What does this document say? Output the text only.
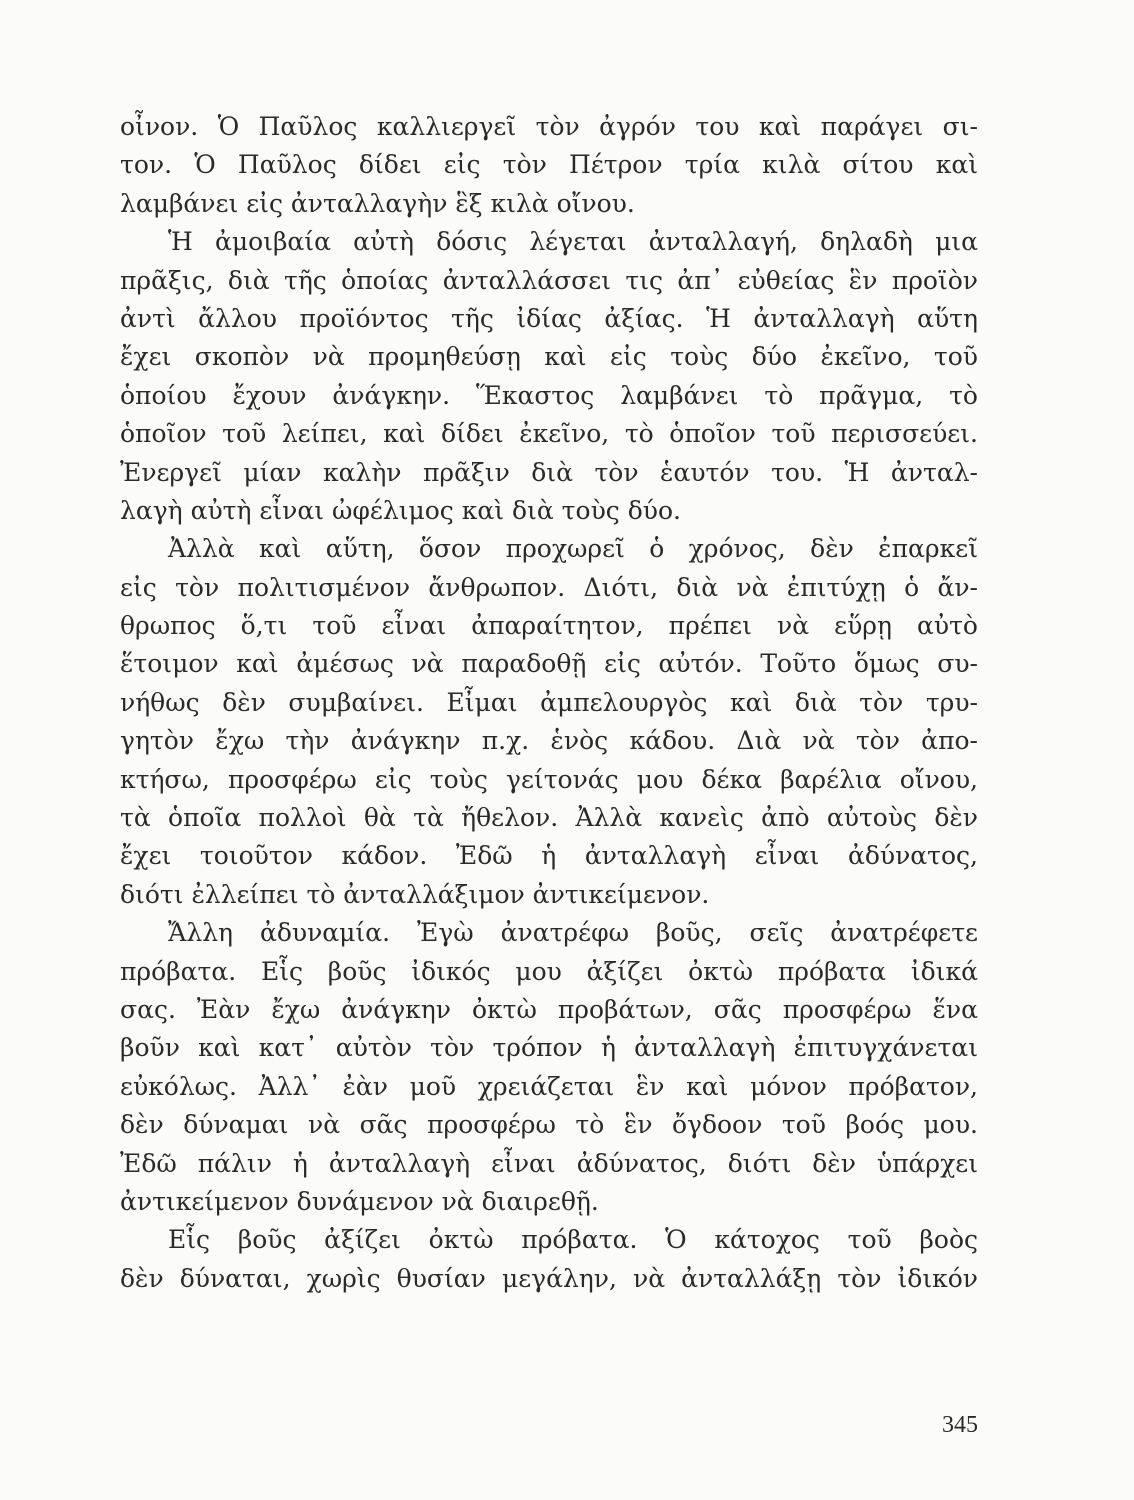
οἶνον. Ὁ Παῦλος καλλιεργεῖ τὸν ἀγρόν του καὶ παράγει σι-
τον. Ὁ Παῦλος δίδει εἰς τὸν Πέτρον τρία κιλὰ σίτου καὶ
λαμβάνει εἰς ἀνταλλαγὴν ἓξ κιλὰ οἴνου.
Ἡ ἀμοιβαία αὐτὴ δόσις λέγεται ἀνταλλαγή, δηλαδὴ μια
πρᾶξις, διὰ τῆς ὁποίας ἀνταλλάσσει τις ἀπ᾽ εὐθείας ἓν προϊὸν
ἀντὶ ἄλλου προϊόντος τῆς ἰδίας ἀξίας. Ἡ ἀνταλλαγὴ αὕτη
ἔχει σκοπὸν νὰ προμηθεύσῃ καὶ εἰς τοὺς δύο ἐκεῖνο, τοῦ
ὁποίου ἔχουν ἀνάγκην. Ἕκαστος λαμβάνει τὸ πρᾶγμα, τὸ
ὁποῖον τοῦ λείπει, καὶ δίδει ἐκεῖνο, τὸ ὁποῖον τοῦ περισσεύει.
Ἐνεργεῖ μίαν καλὴν πρᾶξιν διὰ τὸν ἑαυτόν του. Ἡ ἀνταλ-
λαγὴ αὐτὴ εἶναι ὠφέλιμος καὶ διὰ τοὺς δύο.
Ἀλλὰ καὶ αὕτη, ὅσον προχωρεῖ ὁ χρόνος, δὲν ἐπαρκεῖ
εἰς τὸν πολιτισμένον ἄνθρωπον. Διότι, διὰ νὰ ἐπιτύχῃ ὁ ἄν-
θρωπος ὅ,τι τοῦ εἶναι ἀπαραίτητον, πρέπει νὰ εὕρῃ αὐτὸ
ἕτοιμον καὶ ἀμέσως νὰ παραδοθῇ εἰς αὐτόν. Τοῦτο ὅμως συ-
νήθως δὲν συμβαίνει. Εἶμαι ἀμπελουργὸς καὶ διὰ τὸν τρυ-
γητὸν ἔχω τὴν ἀνάγκην π.χ. ἑνὸς κάδου. Διὰ νὰ τὸν ἀπο-
κτήσω, προσφέρω εἰς τοὺς γείτονάς μου δέκα βαρέλια οἴνου,
τὰ ὁποῖα πολλοὶ θὰ τὰ ἤθελον. Ἀλλὰ κανεὶς ἀπὸ αὐτοὺς δὲν
ἔχει τοιοῦτον κάδον. Ἐδῶ ἡ ἀνταλλαγὴ εἶναι ἀδύνατος,
διότι ἐλλείπει τὸ ἀνταλλάξιμον ἀντικείμενον.
Ἄλλη ἀδυναμία. Ἐγὼ ἀνατρέφω βοῦς, σεῖς ἀνατρέφετε
πρόβατα. Εἷς βοῦς ἰδικός μου ἀξίζει ὀκτὼ πρόβατα ἰδικά
σας. Ἐὰν ἔχω ἀνάγκην ὀκτὼ προβάτων, σᾶς προσφέρω ἕνα
βοῦν καὶ κατ᾽ αὐτὸν τὸν τρόπον ἡ ἀνταλλαγὴ ἐπιτυγχάνεται
εὐκόλως. Ἀλλ᾽ ἐὰν μοῦ χρειάζεται ἓν καὶ μόνον πρόβατον,
δὲν δύναμαι νὰ σᾶς προσφέρω τὸ ἓν ὄγδοον τοῦ βοός μου.
Ἐδῶ πάλιν ἡ ἀνταλλαγὴ εἶναι ἀδύνατος, διότι δὲν ὑπάρχει
ἀντικείμενον δυνάμενον νὰ διαιρεθῇ.
Εἷς βοῦς ἀξίζει ὀκτὼ πρόβατα. Ὁ κάτοχος τοῦ βοὸς
δὲν δύναται, χωρὶς θυσίαν μεγάλην, νὰ ἀνταλλάξῃ τὸν ἰδικόν
345
